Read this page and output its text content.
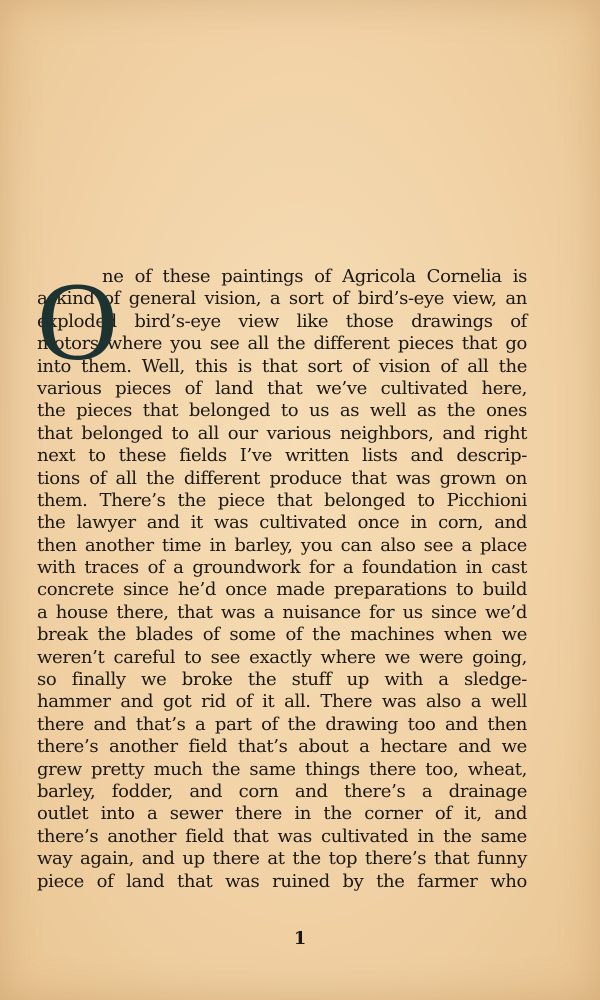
O
ne of these paintings of Agricola Cornelia is
a kind of general vision, a sort of bird’s-eye view, an
exploded bird’s-eye view like those drawings of
motors where you see all the different pieces that go
into them. Well, this is that sort of vision of all the
various pieces of land that we’ve cultivated here,
the pieces that belonged to us as well as the ones
that belonged to all our various neighbors, and right
next to these fields I’ve written lists and descrip-
tions of all the different produce that was grown on
them. There’s the piece that belonged to Picchioni
the lawyer and it was cultivated once in corn, and
then another time in barley, you can also see a place
with traces of a groundwork for a foundation in cast
concrete since he’d once made preparations to build
a house there, that was a nuisance for us since we’d
break the blades of some of the machines when we
weren’t careful to see exactly where we were going,
so finally we broke the stuff up with a sledge-
hammer and got rid of it all. There was also a well
there and that’s a part of the drawing too and then
there’s another field that’s about a hectare and we
grew pretty much the same things there too, wheat,
barley, fodder, and corn and there’s a drainage
outlet into a sewer there in the corner of it, and
there’s another field that was cultivated in the same
way again, and up there at the top there’s that funny
piece of land that was ruined by the farmer who
1
